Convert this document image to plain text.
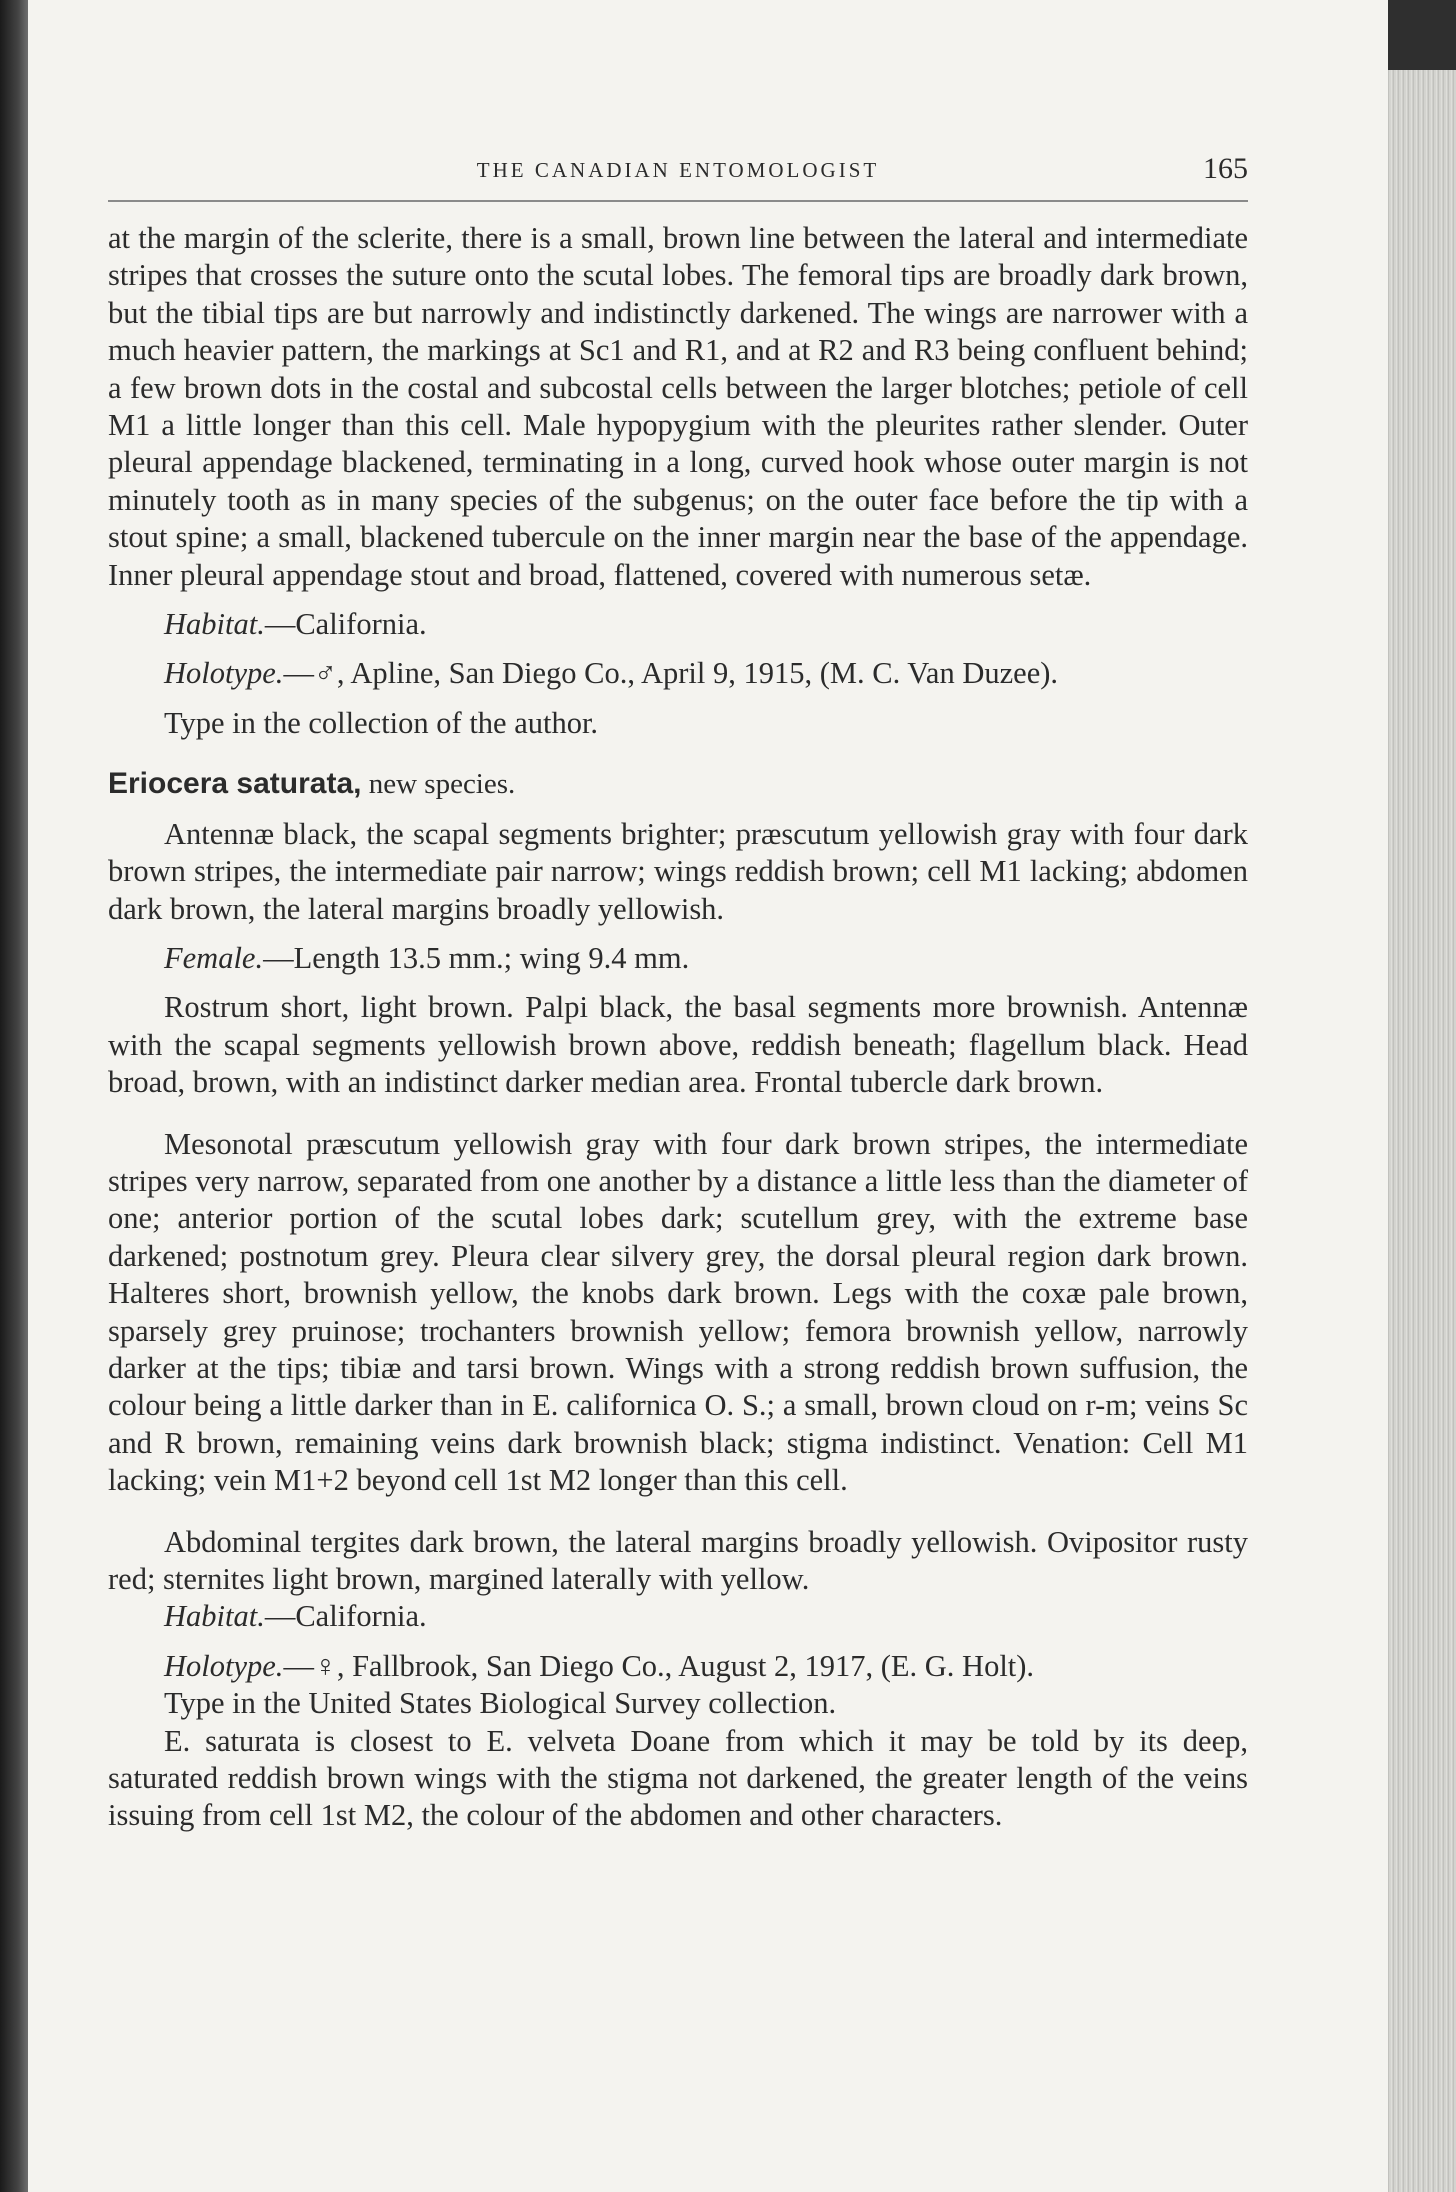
THE CANADIAN ENTOMOLOGIST	165

at the margin of the sclerite, there is a small, brown line between the lateral and intermediate stripes that crosses the suture onto the scutal lobes. The femoral tips are broadly dark brown, but the tibial tips are but narrowly and indistinctly darkened. The wings are narrower with a much heavier pattern, the markings at Sc1 and R1, and at R2 and R3 being confluent behind; a few brown dots in the costal and subcostal cells between the larger blotches; petiole of cell M1 a little longer than this cell. Male hypopygium with the pleurites rather slender. Outer pleural appendage blackened, terminating in a long, curved hook whose outer margin is not minutely tooth as in many species of the subgenus; on the outer face before the tip with a stout spine; a small, blackened tubercule on the inner margin near the base of the appendage. Inner pleural appendage stout and broad, flattened, covered with numerous setæ.

Habitat.—California.

Holotype.—♂, Apline, San Diego Co., April 9, 1915, (M. C. Van Duzee).

Type in the collection of the author.

Eriocera saturata, new species.

Antennæ black, the scapal segments brighter; præscutum yellowish gray with four dark brown stripes, the intermediate pair narrow; wings reddish brown; cell M1 lacking; abdomen dark brown, the lateral margins broadly yellowish.

Female.—Length 13.5 mm.; wing 9.4 mm.

Rostrum short, light brown. Palpi black, the basal segments more brownish. Antennæ with the scapal segments yellowish brown above, reddish beneath; flagellum black. Head broad, brown, with an indistinct darker median area. Frontal tubercle dark brown.

Mesonotal præscutum yellowish gray with four dark brown stripes, the intermediate stripes very narrow, separated from one another by a distance a little less than the diameter of one; anterior portion of the scutal lobes dark; scutellum grey, with the extreme base darkened; postnotum grey. Pleura clear silvery grey, the dorsal pleural region dark brown. Halteres short, brownish yellow, the knobs dark brown. Legs with the coxæ pale brown, sparsely grey pruinose; trochanters brownish yellow; femora brownish yellow, narrowly darker at the tips; tibiæ and tarsi brown. Wings with a strong reddish brown suffusion, the colour being a little darker than in E. californica O. S.; a small, brown cloud on r-m; veins Sc and R brown, remaining veins dark brownish black; stigma indistinct. Venation: Cell M1 lacking; vein M1+2 beyond cell 1st M2 longer than this cell.

Abdominal tergites dark brown, the lateral margins broadly yellowish. Ovipositor rusty red; sternites light brown, margined laterally with yellow.

Habitat.—California.

Holotype.—♀, Fallbrook, San Diego Co., August 2, 1917, (E. G. Holt).

Type in the United States Biological Survey collection.

E. saturata is closest to E. velveta Doane from which it may be told by its deep, saturated reddish brown wings with the stigma not darkened, the greater length of the veins issuing from cell 1st M2, the colour of the abdomen and other characters.
